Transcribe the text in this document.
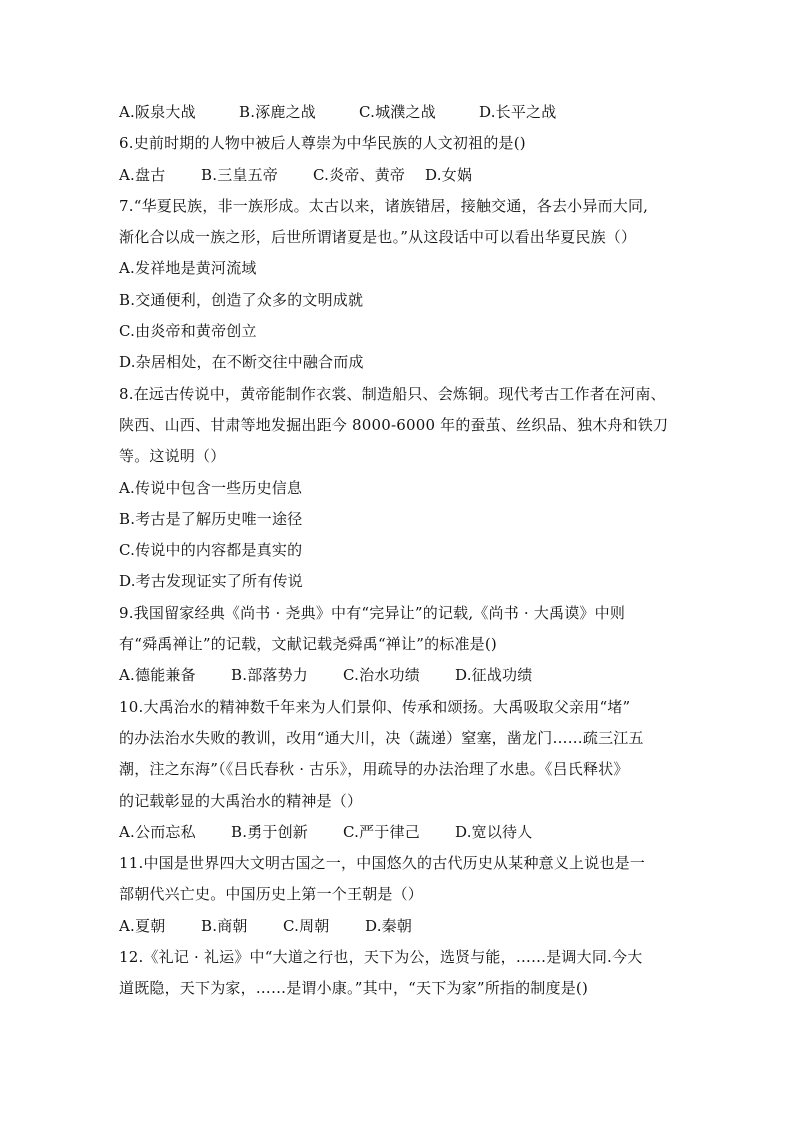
A.阪泉大战	B.涿鹿之战	C.城濮之战	D.长平之战
6.史前时期的人物中被后人尊崇为中华民族的人文初祖的是()
A.盘古 B.三皇五帝 C.炎帝、黄帝 D.女娲
7.“华夏民族，非一族形成。太古以来，诸族错居，接触交通，各去小异而大同,
渐化合以成一族之形，后世所谓诸夏是也。”从这段话中可以看出华夏民族（）
A.发祥地是黄河流域
B.交通便利，创造了众多的文明成就
C.由炎帝和黄帝创立
D.杂居相处，在不断交往中融合而成
8.在远古传说中，黄帝能制作衣裳、制造船只、会炼铜。现代考古工作者在河南、
陕西、山西、甘肃等地发掘出距今 8000-6000 年的蚕茧、丝织品、独木舟和铁刀
等。这说明（）
A.传说中包含一些历史信息
B.考古是了解历史唯一途径
C.传说中的内容都是真实的
D.考古发现证实了所有传说
9.我国留家经典《尚书 · 尧典》中有“完异让”的记载,《尚书 · 大禹谟》中则
有“舜禹禅让”的记载，文献记载尧舜禹“禅让”的标准是()
A.德能兼备 B.部落势力 C.治水功绩 D.征战功绩
10.大禹治水的精神数千年来为人们景仰、传承和颂扬。大禹吸取父亲用“堵”
的办法治水失败的教训，改用“通大川，决（蔬递）窒塞，凿龙门……疏三江五
潮，注之东海”（《吕氏春秋 · 古乐》，用疏导的办法治理了水患。《吕氏释状》
的记载彰显的大禹治水的精神是（）
A.公而忘私 B.勇于创新 C.严于律己 D.宽以待人
11.中国是世界四大文明古国之一，中国悠久的古代历史从某种意义上说也是一
部朝代兴亡史。中国历史上第一个王朝是（）
A.夏朝 B.商朝 C.周朝 D.秦朝
12.《礼记 · 礼运》中“大道之行也，天下为公，选贤与能，……是调大同.今大
道既隐，天下为家，……是谓小康。”其中，“天下为家”所指的制度是()
